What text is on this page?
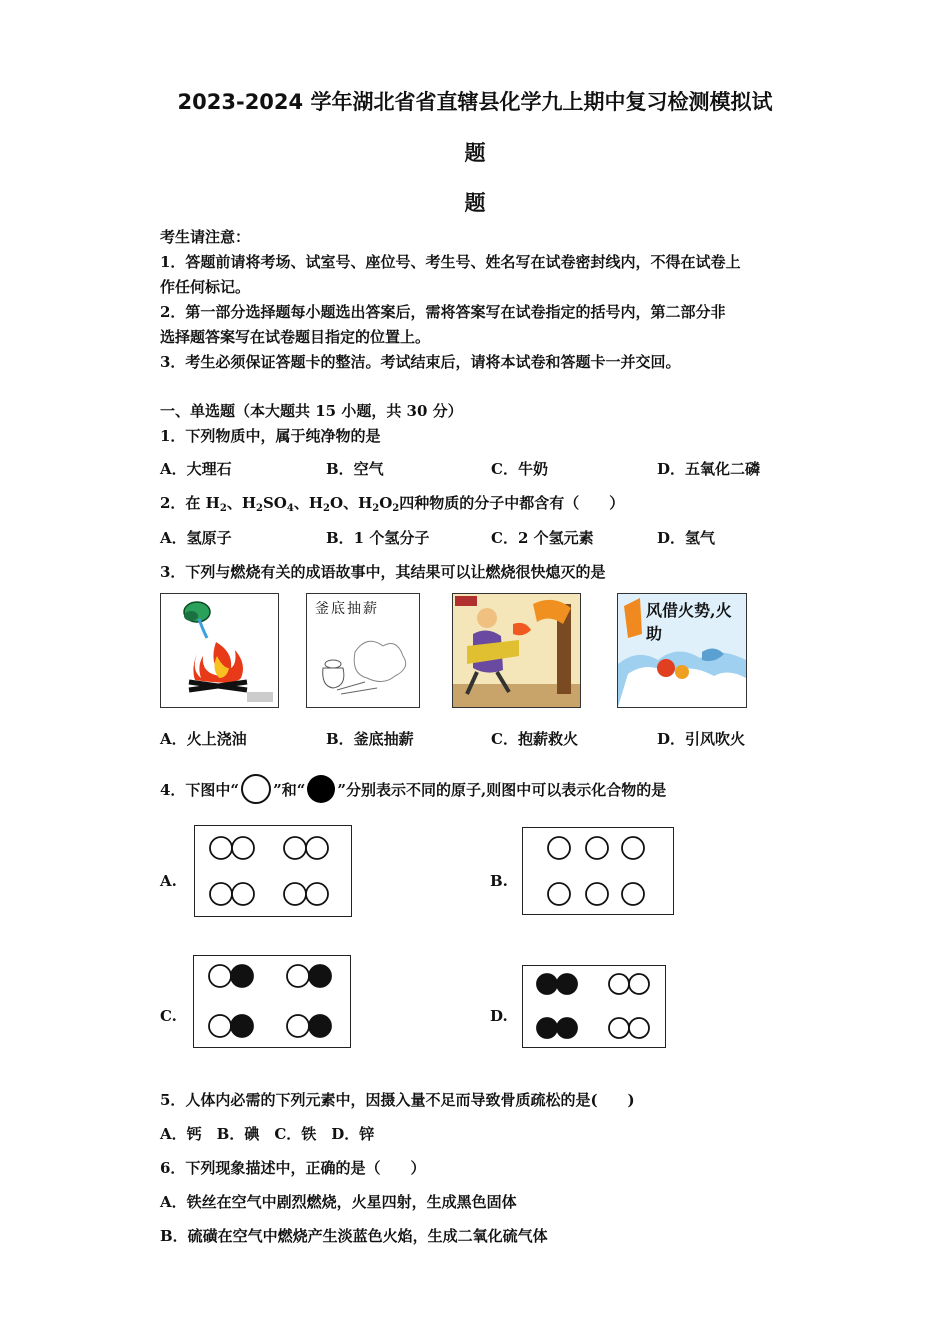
2023-2024 学年湖北省省直辖县化学九上期中复习检测模拟试
题
题
考生请注意：
1．答题前请将考场、试室号、座位号、考生号、姓名写在试卷密封线内，不得在试卷上
作任何标记。
2．第一部分选择题每小题选出答案后，需将答案写在试卷指定的括号内，第二部分非
选择题答案写在试卷题目指定的位置上。
3．考生必须保证答题卡的整洁。考试结束后，请将本试卷和答题卡一并交回。
一、单选题（本大题共 15 小题，共 30 分）
1．下列物质中，属于纯净物的是
A．大理石	B．空气	C．牛奶	D．五氧化二磷
2．在 $H_2$、$H_2SO_4$、$H_2O$、$H_2O_2$四种物质的分子中都含有（　　）
A．氢原子	B．1 个氢分子	C．2 个氢元素	D．氢气
3．下列与燃烧有关的成语故事中，其结果可以让燃烧很快熄灭的是
釜底抽薪	风借火势,火助
A．火上浇油	B．釜底抽薪	C．抱薪救火	D．引风吹火
4．下图中“ ”和“ ”分别表示不同的原子,则图中可以表示化合物的是
A.	B.
C.	D.
5．人体内必需的下列元素中，因摄入量不足而导致骨质疏松的是(　　)
A．钙　B．碘　C．铁　D．锌
6．下列现象描述中，正确的是（　　）
A．铁丝在空气中剧烈燃烧，火星四射，生成黑色固体
B．硫磺在空气中燃烧产生淡蓝色火焰，生成二氧化硫气体
